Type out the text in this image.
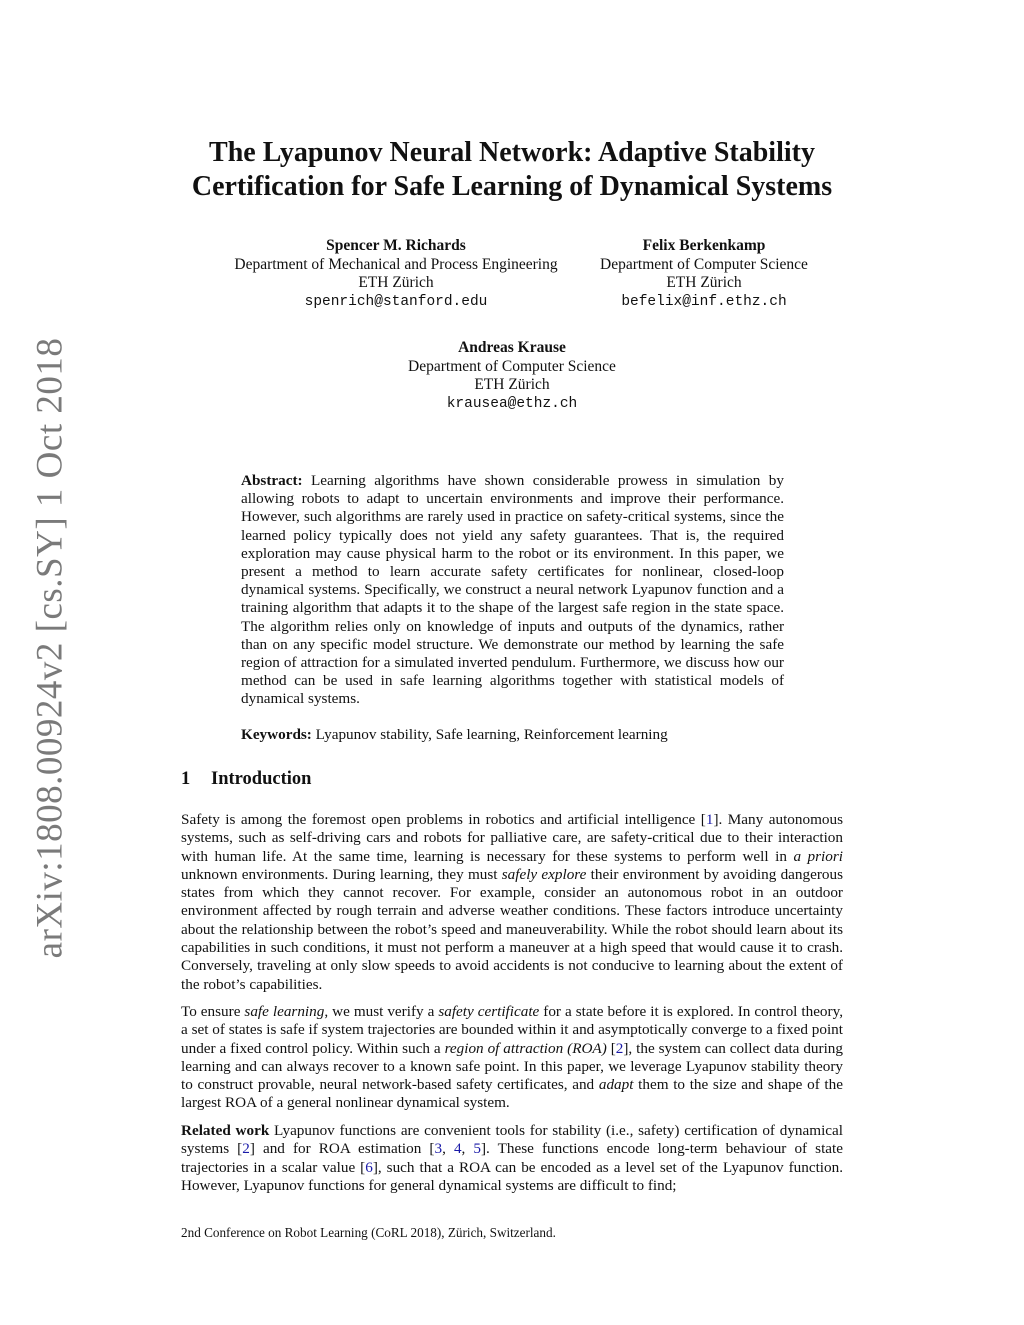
arXiv:1808.00924v2 [cs.SY] 1 Oct 2018
The Lyapunov Neural Network: Adaptive Stability
Certification for Safe Learning of Dynamical Systems
Spencer M. Richards
Department of Mechanical and Process Engineering
ETH Zürich
spenrich@stanford.edu
Felix Berkenkamp
Department of Computer Science
ETH Zürich
befelix@inf.ethz.ch
Andreas Krause
Department of Computer Science
ETH Zürich
krausea@ethz.ch

Abstract: Learning algorithms have shown considerable prowess in simulation by allowing robots to adapt to uncertain environments and improve their performance. However, such algorithms are rarely used in practice on safety-critical systems, since the learned policy typically does not yield any safety guarantees. That is, the required exploration may cause physical harm to the robot or its environment. In this paper, we present a method to learn accurate safety certificates for nonlinear, closed-loop dynamical systems. Specifically, we construct a neural network Lyapunov function and a training algorithm that adapts it to the shape of the largest safe region in the state space. The algorithm relies only on knowledge of inputs and outputs of the dynamics, rather than on any specific model structure. We demonstrate our method by learning the safe region of attraction for a simulated inverted pendulum. Furthermore, we discuss how our method can be used in safe learning algorithms together with statistical models of dynamical systems.

Keywords: Lyapunov stability, Safe learning, Reinforcement learning

1 Introduction

Safety is among the foremost open problems in robotics and artificial intelligence [1]. Many autonomous systems, such as self-driving cars and robots for palliative care, are safety-critical due to their interaction with human life. At the same time, learning is necessary for these systems to perform well in a priori unknown environments. During learning, they must safely explore their environment by avoiding dangerous states from which they cannot recover. For example, consider an autonomous robot in an outdoor environment affected by rough terrain and adverse weather conditions. These factors introduce uncertainty about the relationship between the robot’s speed and maneuverability. While the robot should learn about its capabilities in such conditions, it must not perform a maneuver at a high speed that would cause it to crash. Conversely, traveling at only slow speeds to avoid accidents is not conducive to learning about the extent of the robot’s capabilities.

To ensure safe learning, we must verify a safety certificate for a state before it is explored. In control theory, a set of states is safe if system trajectories are bounded within it and asymptotically converge to a fixed point under a fixed control policy. Within such a region of attraction (ROA) [2], the system can collect data during learning and can always recover to a known safe point. In this paper, we leverage Lyapunov stability theory to construct provable, neural network-based safety certificates, and adapt them to the size and shape of the largest ROA of a general nonlinear dynamical system.

Related work Lyapunov functions are convenient tools for stability (i.e., safety) certification of dynamical systems [2] and for ROA estimation [3, 4, 5]. These functions encode long-term behaviour of state trajectories in a scalar value [6], such that a ROA can be encoded as a level set of the Lyapunov function. However, Lyapunov functions for general dynamical systems are difficult to find;

2nd Conference on Robot Learning (CoRL 2018), Zürich, Switzerland.
